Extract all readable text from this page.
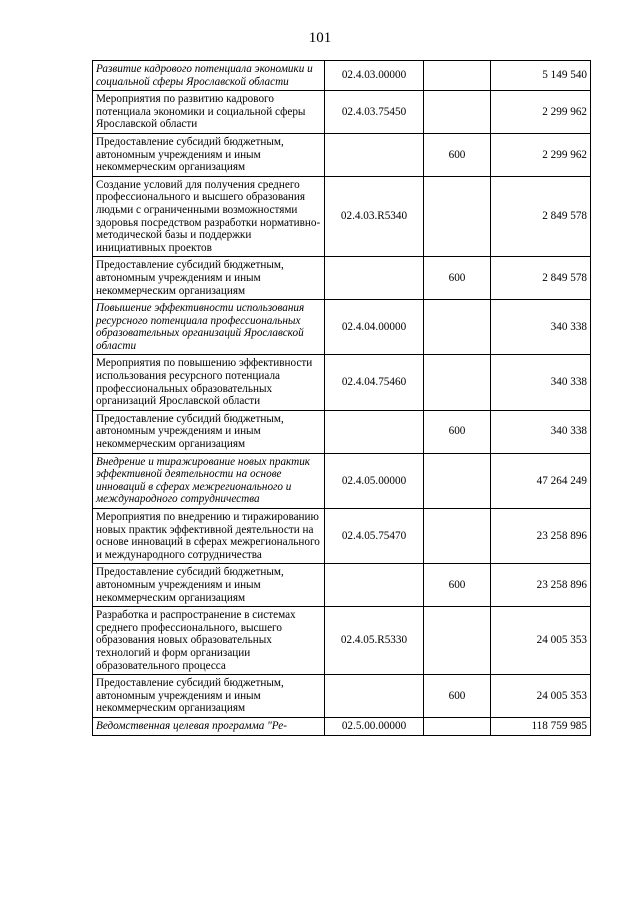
101
Развитие кадрового потенциала экономики и социальной сферы Ярославской области	02.4.03.00000		5 149 540
Мероприятия по развитию кадрового потенциала экономики и социальной сферы Ярославской области	02.4.03.75450		2 299 962
Предоставление субсидий бюджетным, автономным учреждениям и иным некоммерческим организациям		600	2 299 962
Создание условий для получения среднего профессионального и высшего образования людьми с ограниченными возможностями здоровья посредством разработки нормативно-методической базы и поддержки инициативных проектов	02.4.03.R5340		2 849 578
Предоставление субсидий бюджетным, автономным учреждениям и иным некоммерческим организациям		600	2 849 578
Повышение эффективности использования ресурсного потенциала профессиональных образовательных организаций Ярославской области	02.4.04.00000		340 338
Мероприятия по повышению эффективности использования ресурсного потенциала профессиональных образовательных организаций Ярославской области	02.4.04.75460		340 338
Предоставление субсидий бюджетным, автономным учреждениям и иным некоммерческим организациям		600	340 338
Внедрение и тиражирование новых практик эффективной деятельности на основе инноваций в сферах межрегионального и международного сотрудничества	02.4.05.00000		47 264 249
Мероприятия по внедрению и тиражированию новых практик эффективной деятельности на основе инноваций в сферах межрегионального и международного сотрудничества	02.4.05.75470		23 258 896
Предоставление субсидий бюджетным, автономным учреждениям и иным некоммерческим организациям		600	23 258 896
Разработка и распространение в системах среднего профессионального, высшего образования новых образовательных технологий и форм организации образовательного процесса	02.4.05.R5330		24 005 353
Предоставление субсидий бюджетным, автономным учреждениям и иным некоммерческим организациям		600	24 005 353
Ведомственная целевая программа "Ре-	02.5.00.00000		118 759 985
